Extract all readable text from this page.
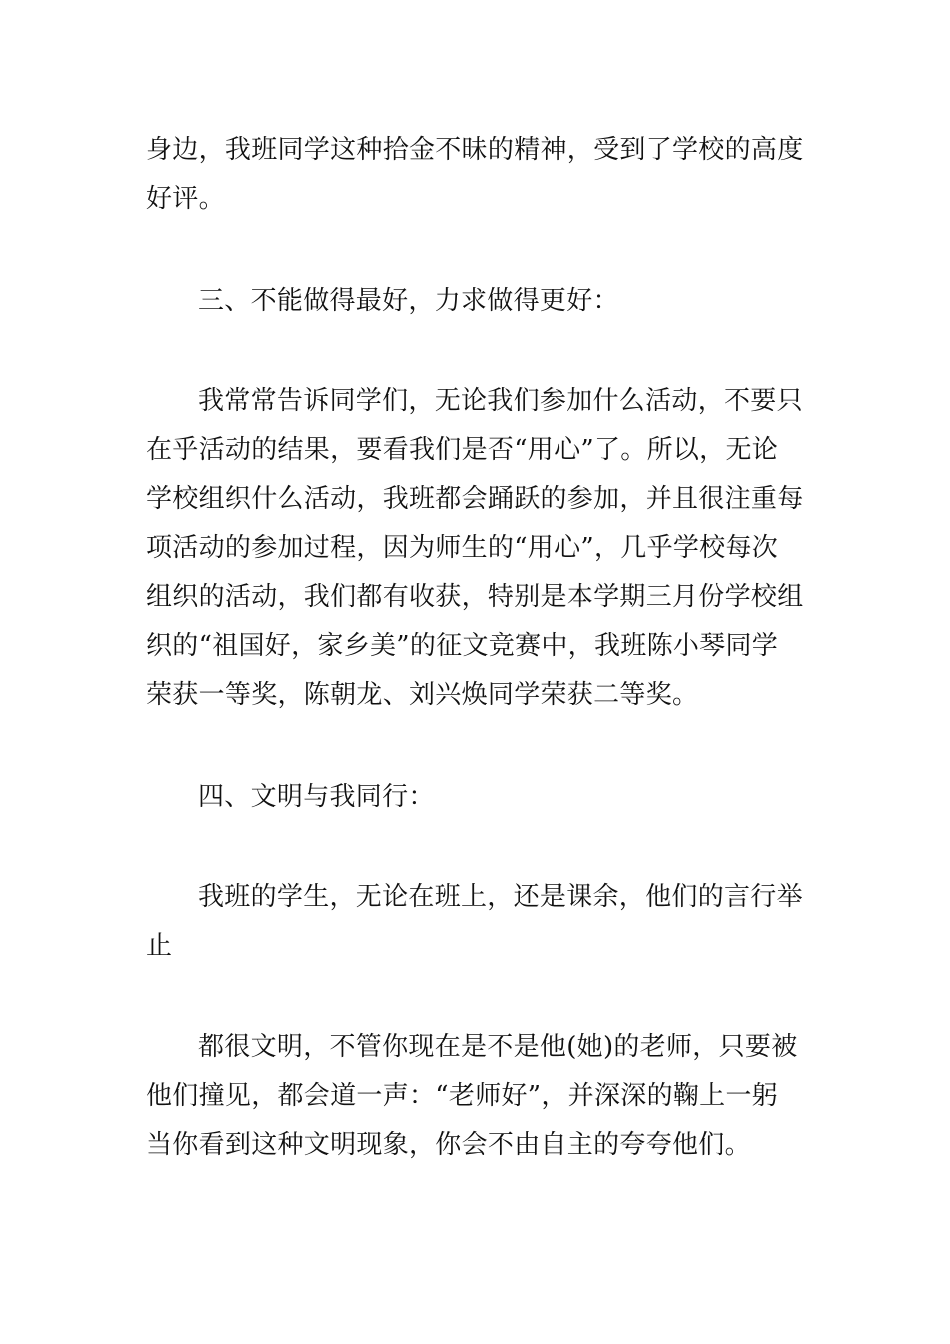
身边，我班同学这种拾金不昧的精神，受到了学校的高度
好评。
三、不能做得最好，力求做得更好：
我常常告诉同学们，无论我们参加什么活动，不要只
在乎活动的结果，要看我们是否“用心”了。所以，无论
学校组织什么活动，我班都会踊跃的参加，并且很注重每
项活动的参加过程，因为师生的“用心”，几乎学校每次
组织的活动，我们都有收获，特别是本学期三月份学校组
织的“祖国好，家乡美”的征文竞赛中，我班陈小琴同学
荣获一等奖，陈朝龙、刘兴焕同学荣获二等奖。
四、文明与我同行：
我班的学生，无论在班上，还是课余，他们的言行举
止
都很文明，不管你现在是不是他(她)的老师，只要被
他们撞见，都会道一声：“老师好”，并深深的鞠上一躬
当你看到这种文明现象，你会不由自主的夸夸他们。
